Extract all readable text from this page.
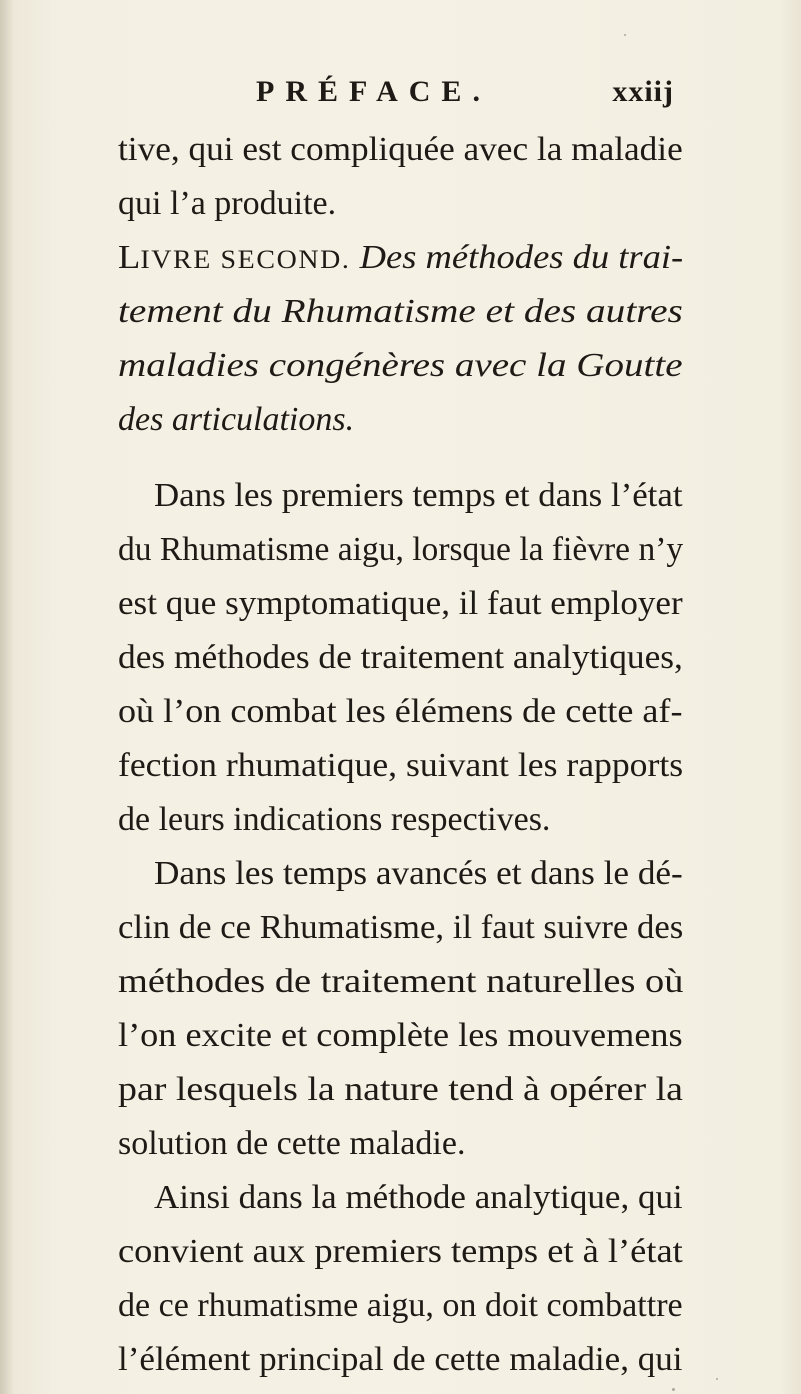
PRÉFACE.	xxiij
tive, qui est compliquée avec la maladie
qui l’a produite.
LIVRE SECOND. Des méthodes du trai-
tement du Rhumatisme et des autres
maladies congénères avec la Goutte
des articulations.
Dans les premiers temps et dans l’état
du Rhumatisme aigu, lorsque la fièvre n’y
est que symptomatique, il faut employer
des méthodes de traitement analytiques,
où l’on combat les élémens de cette af-
fection rhumatique, suivant les rapports
de leurs indications respectives.
Dans les temps avancés et dans le dé-
clin de ce Rhumatisme, il faut suivre des
méthodes de traitement naturelles où
l’on excite et complète les mouvemens
par lesquels la nature tend à opérer la
solution de cette maladie.
Ainsi dans la méthode analytique, qui
convient aux premiers temps et à l’état
de ce rhumatisme aigu, on doit combattre
l’élément principal de cette maladie, qui
